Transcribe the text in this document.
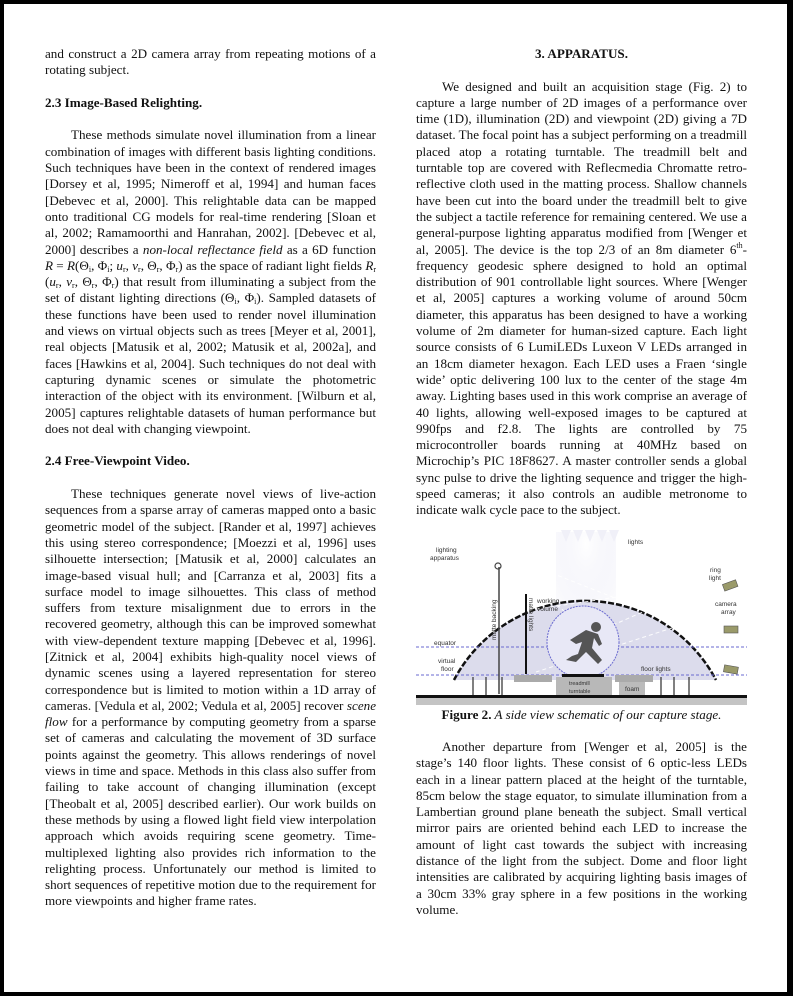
and construct a 2D camera array from repeating motions of a rotating subject.

2.3 Image-Based Relighting.

These methods simulate novel illumination from a linear combination of images with different basis lighting conditions. Such techniques have been in the context of rendered images [Dorsey et al, 1995; Nimeroff et al, 1994] and human faces [Debevec et al, 2000]. This relightable data can be mapped onto traditional CG models for real-time rendering [Sloan et al, 2002; Ramamoorthi and Hanrahan, 2002]. [Debevec et al, 2000] describes a non-local reflectance field as a 6D function $R = R(\Theta_i$, $\Phi_i$; $u_r$, $v_r$, $\Theta_r$, $\Phi_r$) as the space of radiant light fields $R_r$ ($u_r$, $v_r$, $\Theta_r$, $\Phi_r$) that result from illuminating a subject from the set of distant lighting directions ($\Theta_i$, $\Phi_i$). Sampled datasets of these functions have been used to render novel illumination and views on virtual objects such as trees [Meyer et al, 2001], real objects [Matusik et al, 2002; Matusik et al, 2002a], and faces [Hawkins et al, 2004]. Such techniques do not deal with capturing dynamic scenes or simulate the photometric interaction of the object with its environment. [Wilburn et al, 2005] captures relightable datasets of human performance but does not deal with changing viewpoint.

2.4 Free-Viewpoint Video.

These techniques generate novel views of live-action sequences from a sparse array of cameras mapped onto a basic geometric model of the subject. [Rander et al, 1997] achieves this using stereo correspondence; [Moezzi et al, 1996] uses silhouette intersection; [Matusik et al, 2000] calculates an image-based visual hull; and [Carranza et al, 2003] fits a surface model to image silhouettes. This class of method suffers from texture misalignment due to errors in the recovered geometry, although this can be improved somewhat with view-dependent texture mapping [Debevec et al, 1996]. [Zitnick et al, 2004] exhibits high-quality nocel views of dynamic scenes using a layered representation for stereo correspondence but is limited to motion within a 1D array of cameras. [Vedula et al, 2002; Vedula et al, 2005] recover scene flow for a performance by computing geometry from a sparse set of cameras and calculating the movement of 3D surface points against the geometry. This allows renderings of novel views in time and space. Methods in this class also suffer from failing to take account of changing illumination (except [Theobalt et al, 2005] described earlier). Our work builds on these methods by using a flowed light field view interpolation approach which avoids requiring scene geometry. Time-multiplexed lighting also provides rich information to the relighting process. Unfortunately our method is limited to short sequences of repetitive motion due to the requirement for more viewpoints and higher frame rates.

3. APPARATUS.

We designed and built an acquisition stage (Fig. 2) to capture a large number of 2D images of a performance over time (1D), illumination (2D) and viewpoint (2D) giving a 7D dataset. The focal point has a subject performing on a treadmill placed atop a rotating turntable. The treadmill belt and turntable top are covered with Reflecmedia Chromatte retro-reflective cloth used in the matting process. Shallow channels have been cut into the board under the treadmill belt to give the subject a tactile reference for remaining centered. We use a general-purpose lighting apparatus modified from [Wenger et al, 2005]. The device is the top 2/3 of an 8m diameter 6th-frequency geodesic sphere designed to hold an optimal distribution of 901 controllable light sources. Where [Wenger et al, 2005] captures a working volume of around 50cm diameter, this apparatus has been designed to have a working volume of 2m diameter for human-sized capture. Each light source consists of 6 LumiLEDs Luxeon V LEDs arranged in an 18cm diameter hexagon. Each LED uses a Fraen ‘single wide’ optic delivering 100 lux to the center of the stage 4m away. Lighting bases used in this work comprise an average of 40 lights, allowing well-exposed images to be captured at 990fps and f2.8. The lights are controlled by 75 microcontroller boards running at 40MHz based on Microchip’s PIC 18F8627. A master controller sends a global sync pulse to drive the lighting sequence and trigger the high-speed cameras; it also controls an audible metronome to indicate walk cycle pace to the subject.

lighting
apparatus
lights
ring
light
camera
array
working
volume
equator
virtual
floor	floor lights
treadmill
turntable	foam
matte backing	matte lights
Figure 2. A side view schematic of our capture stage.

Another departure from [Wenger et al, 2005] is the stage’s 140 floor lights. These consist of 6 optic-less LEDs each in a linear pattern placed at the height of the turntable, 85cm below the stage equator, to simulate illumination from a Lambertian ground plane beneath the subject. Small vertical mirror pairs are oriented behind each LED to increase the amount of light cast towards the subject with increasing distance of the light from the subject. Dome and floor light intensities are calibrated by acquiring lighting basis images of a 30cm 33% gray sphere in a few positions in the working volume.
